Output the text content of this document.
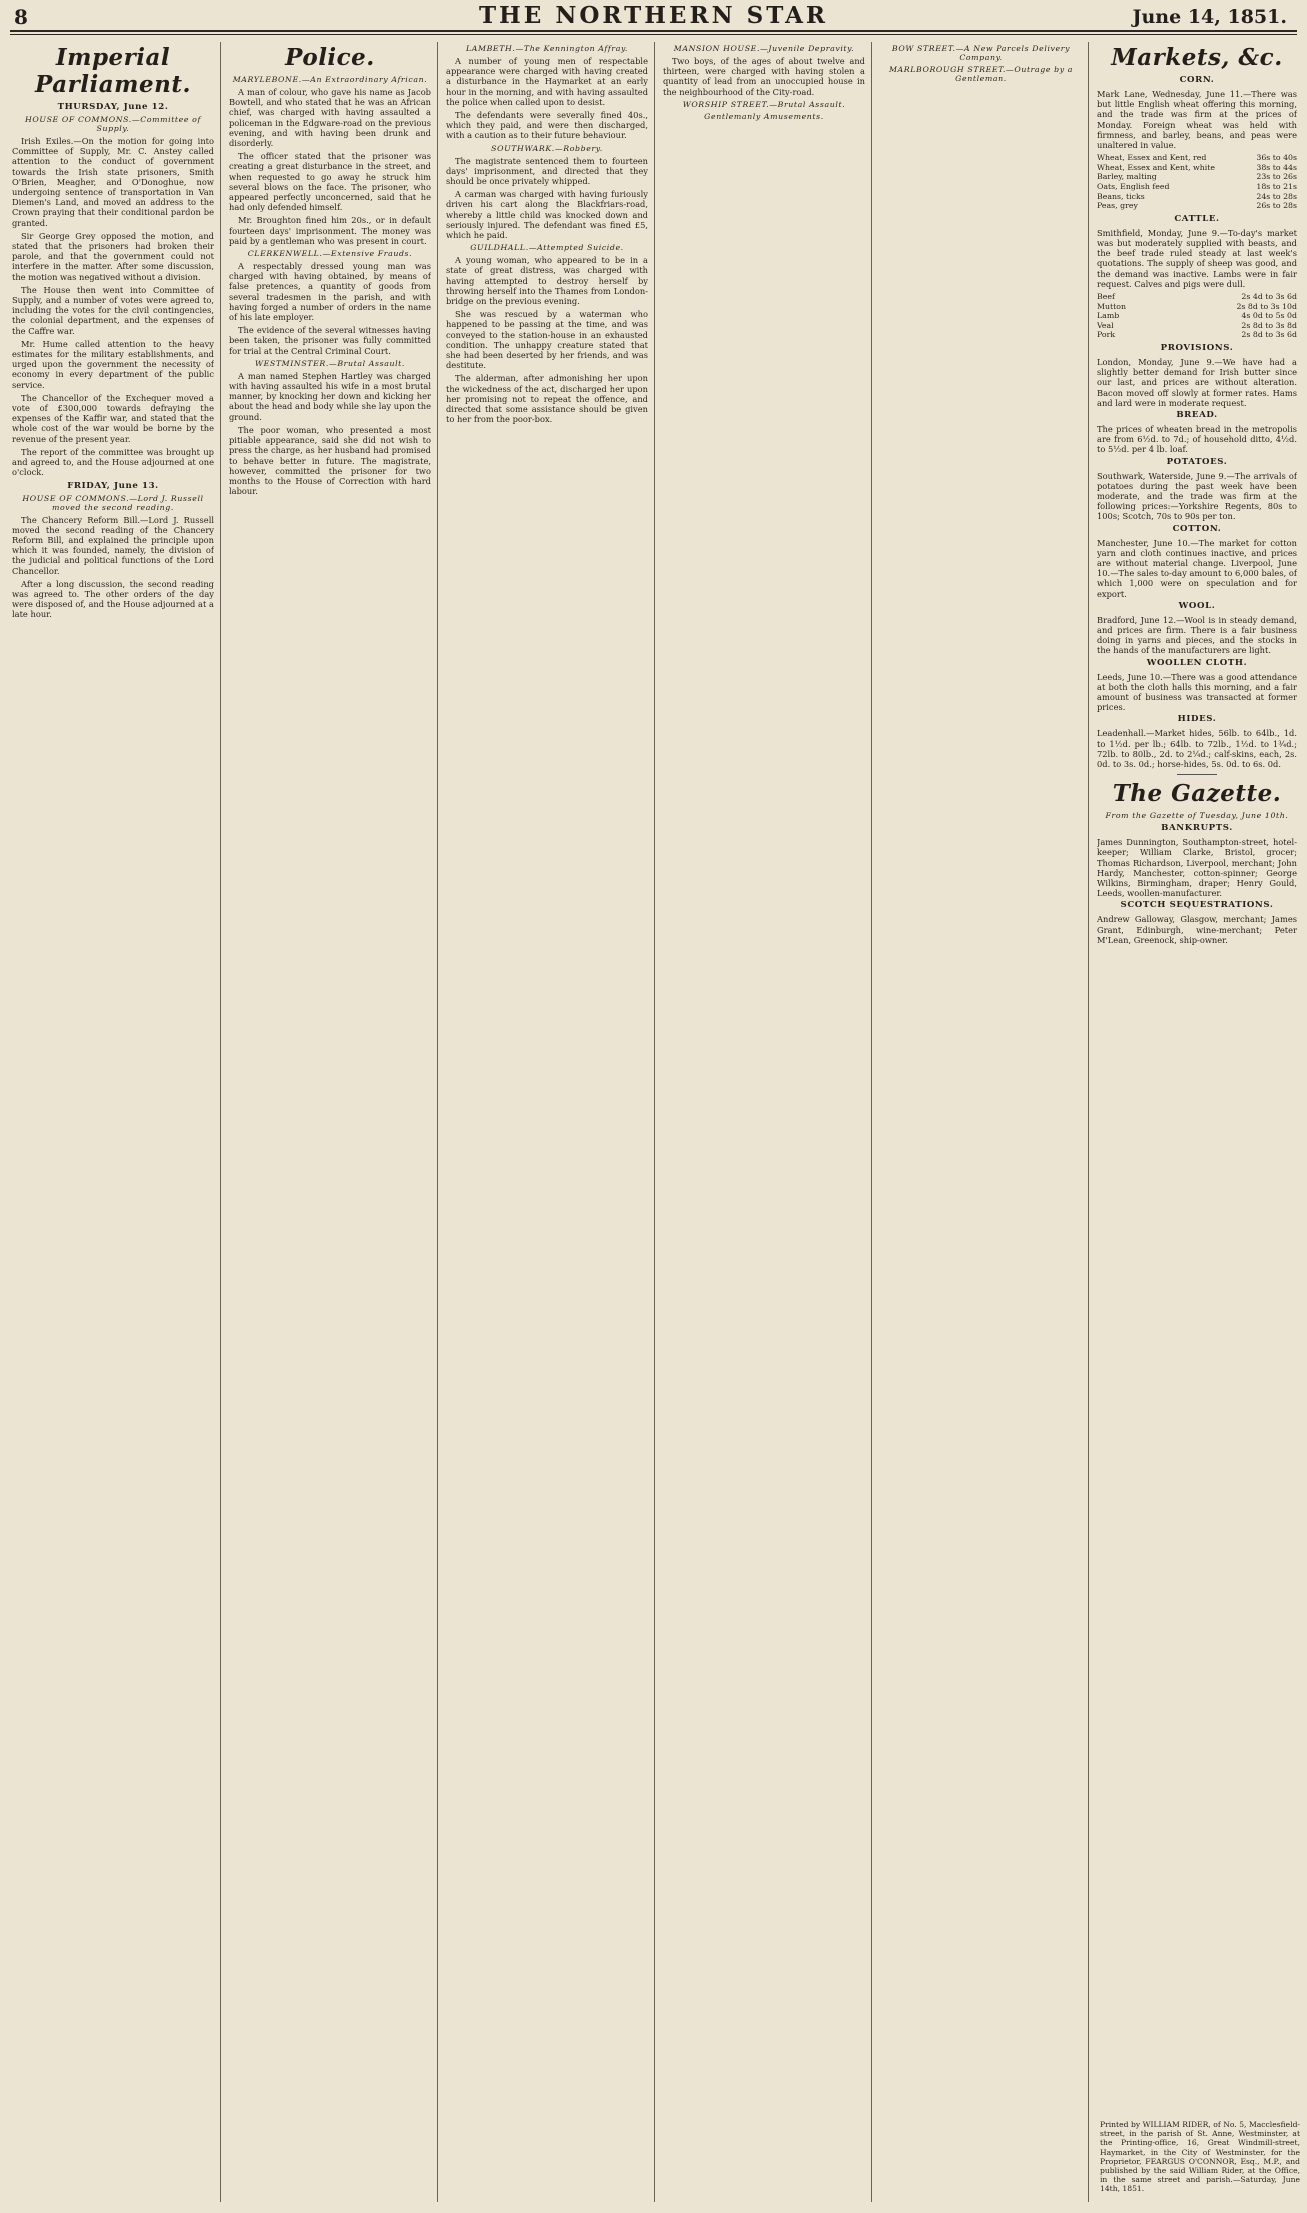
8	THE NORTHERN STAR	June 14, 1851.
Imperial Parliament.
THURSDAY, June 12.
HOUSE OF COMMONS.—Committee of Supply.

Irish Exiles.—On the motion for going into Committee of Supply, Mr. C. Anstey called attention to the conduct of government towards the Irish state prisoners, Smith O'Brien, Meagher, and O'Donoghue, now undergoing sentence of transportation in Van Diemen's Land, and moved an address to the Crown praying that their conditional pardon be granted.

Sir George Grey opposed the motion, and stated that the prisoners had broken their parole, and that the government could not interfere in the matter. After some discussion, the motion was negatived without a division.

The House then went into Committee of Supply, and a number of votes were agreed to, including the votes for the civil contingencies, the colonial department, and the expenses of the Caffre war.

Mr. Hume called attention to the heavy estimates for the military establishments, and urged upon the government the necessity of economy in every department of the public service.

The Chancellor of the Exchequer moved a vote of £300,000 towards defraying the expenses of the Kaffir war, and stated that the whole cost of the war would be borne by the revenue of the present year.

The report of the committee was brought up and agreed to, and the House adjourned at one o'clock.

FRIDAY, June 13.
HOUSE OF COMMONS.—Lord J. Russell moved the second reading.

The Chancery Reform Bill.—Lord J. Russell moved the second reading of the Chancery Reform Bill, and explained the principle upon which it was founded, namely, the division of the judicial and political functions of the Lord Chancellor.

After a long discussion, the second reading was agreed to. The other orders of the day were disposed of, and the House adjourned at a late hour.

Police.
MARYLEBONE.—An Extraordinary African.

A man of colour, who gave his name as Jacob Bowtell, and who stated that he was an African chief, was charged with having assaulted a policeman in the Edgware-road on the previous evening, and with having been drunk and disorderly.

The officer stated that the prisoner was creating a great disturbance in the street, and when requested to go away he struck him several blows on the face. The prisoner, who appeared perfectly unconcerned, said that he had only defended himself.

Mr. Broughton fined him 20s., or in default fourteen days' imprisonment. The money was paid by a gentleman who was present in court.

CLERKENWELL.—Extensive Frauds.

A respectably dressed young man was charged with having obtained, by means of false pretences, a quantity of goods from several tradesmen in the parish, and with having forged a number of orders in the name of his late employer.

The evidence of the several witnesses having been taken, the prisoner was fully committed for trial at the Central Criminal Court.

WESTMINSTER.—Brutal Assault.

A man named Stephen Hartley was charged with having assaulted his wife in a most brutal manner, by knocking her down and kicking her about the head and body while she lay upon the ground.

The poor woman, who presented a most pitiable appearance, said she did not wish to press the charge, as her husband had promised to behave better in future. The magistrate, however, committed the prisoner for two months to the House of Correction with hard labour.

LAMBETH.—The Kennington Affray.

A number of young men of respectable appearance were charged with having created a disturbance in the Haymarket at an early hour in the morning, and with having assaulted the police when called upon to desist.

The defendants were severally fined 40s., which they paid, and were then discharged, with a caution as to their future behaviour.

SOUTHWARK.—Robbery.

The magistrate sentenced them to fourteen days' imprisonment, and directed that they should be once privately whipped.

A carman was charged with having furiously driven his cart along the Blackfriars-road, whereby a little child was knocked down and seriously injured. The defendant was fined £5, which he paid.

GUILDHALL.—Attempted Suicide.

A young woman, who appeared to be in a state of great distress, was charged with having attempted to destroy herself by throwing herself into the Thames from London-bridge on the previous evening.

She was rescued by a waterman who happened to be passing at the time, and was conveyed to the station-house in an exhausted condition. The unhappy creature stated that she had been deserted by her friends, and was destitute.

The alderman, after admonishing her upon the wickedness of the act, discharged her upon her promising not to repeat the offence, and directed that some assistance should be given to her from the poor-box.

MANSION HOUSE.—Juvenile Depravity.

Two boys, of the ages of about twelve and thirteen, were charged with having stolen a quantity of lead from an unoccupied house in the neighbourhood of the City-road.

WORSHIP STREET.—Brutal Assault.
Gentlemanly Amusements.
BOW STREET.—A New Parcels Delivery Company.
MARLBOROUGH STREET.—Outrage by a Gentleman.
Markets, &c.
CORN.
Mark Lane, Wednesday, June 11.—There was but little English wheat offering this morning, and the trade was firm at the prices of Monday. Foreign wheat was held with firmness, and barley, beans, and peas were unaltered in value.
Wheat, Essex and Kent, red	36s to 40s
Wheat, Essex and Kent, white	38s to 44s
Barley, malting	23s to 26s
Oats, English feed	18s to 21s
Beans, ticks	24s to 28s
Peas, grey	26s to 28s
CATTLE.
Smithfield, Monday, June 9.—To-day's market was but moderately supplied with beasts, and the beef trade ruled steady at last week's quotations. The supply of sheep was good, and the demand was inactive. Lambs were in fair request. Calves and pigs were dull.
Beef	2s 4d to 3s 6d
Mutton	2s 8d to 3s 10d
Lamb	4s 0d to 5s 0d
Veal	2s 8d to 3s 8d
Pork	2s 8d to 3s 6d
PROVISIONS.
London, Monday, June 9.—We have had a slightly better demand for Irish butter since our last, and prices are without alteration. Bacon moved off slowly at former rates. Hams and lard were in moderate request.
BREAD.
The prices of wheaten bread in the metropolis are from 6½d. to 7d.; of household ditto, 4½d. to 5½d. per 4 lb. loaf.
POTATOES.
Southwark, Waterside, June 9.—The arrivals of potatoes during the past week have been moderate, and the trade was firm at the following prices:—Yorkshire Regents, 80s to 100s; Scotch, 70s to 90s per ton.
COTTON.
Manchester, June 10.—The market for cotton yarn and cloth continues inactive, and prices are without material change. Liverpool, June 10.—The sales to-day amount to 6,000 bales, of which 1,000 were on speculation and for export.
WOOL.
Bradford, June 12.—Wool is in steady demand, and prices are firm. There is a fair business doing in yarns and pieces, and the stocks in the hands of the manufacturers are light.
WOOLLEN CLOTH.
Leeds, June 10.—There was a good attendance at both the cloth halls this morning, and a fair amount of business was transacted at former prices.
HIDES.
Leadenhall.—Market hides, 56lb. to 64lb., 1d. to 1½d. per lb.; 64lb. to 72lb., 1½d. to 1¾d.; 72lb. to 80lb., 2d. to 2¼d.; calf-skins, each, 2s. 0d. to 3s. 0d.; horse-hides, 5s. 0d. to 6s. 0d.
The Gazette.
From the Gazette of Tuesday, June 10th.
BANKRUPTS.
James Dunnington, Southampton-street, hotel-keeper; William Clarke, Bristol, grocer; Thomas Richardson, Liverpool, merchant; John Hardy, Manchester, cotton-spinner; George Wilkins, Birmingham, draper; Henry Gould, Leeds, woollen-manufacturer.
SCOTCH SEQUESTRATIONS.
Andrew Galloway, Glasgow, merchant; James Grant, Edinburgh, wine-merchant; Peter M'Lean, Greenock, ship-owner.
Printed by WILLIAM RIDER, of No. 5, Macclesfield-street, in the parish of St. Anne, Westminster, at the Printing-office, 16, Great Windmill-street, Haymarket, in the City of Westminster, for the Proprietor, FEARGUS O'CONNOR, Esq., M.P., and published by the said William Rider, at the Office, in the same street and parish.—Saturday, June 14th, 1851.
